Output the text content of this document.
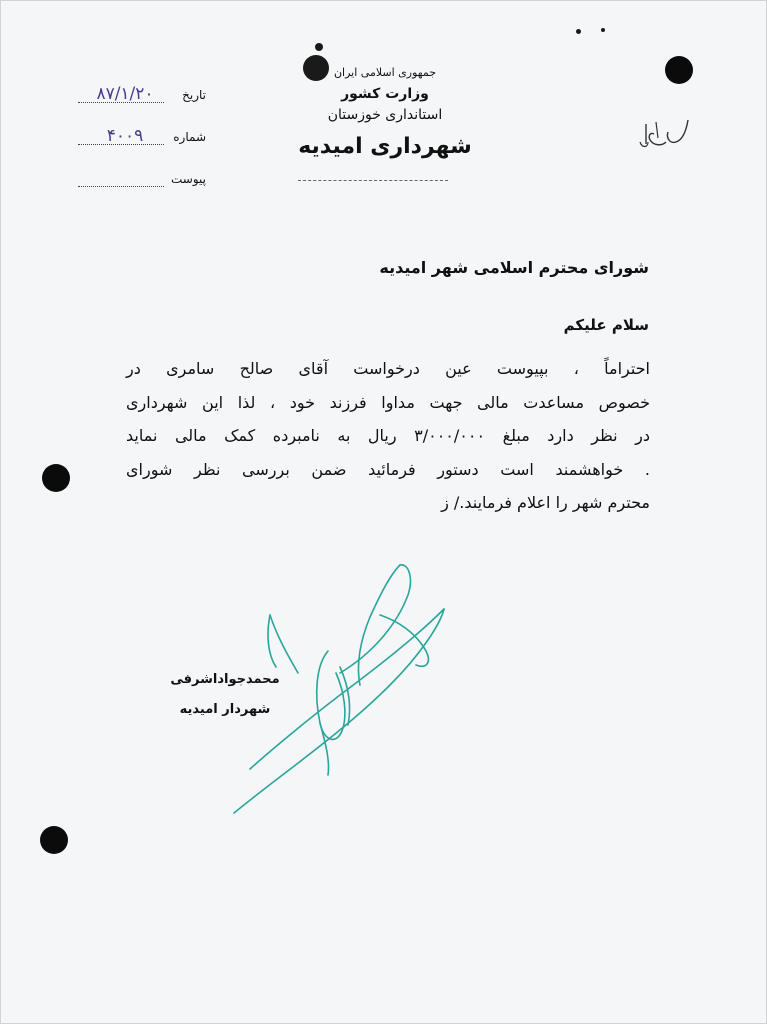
جمهوری اسلامی ایران
وزارت کشور
استانداری خوزستان
شهرداری امیدیه
تاریخ
۸۷/۱/۲۰
شماره
۴۰۰۹
پیوست
شورای محترم اسلامی شهر امیدیه
سلام علیکم
احتراماً ، بپیوست عین درخواست آقای صالح سامری در
خصوص مساعدت مالی جهت مداوا فرزند خود ، لذا این شهرداری
در نظر دارد مبلغ ۳/۰۰۰/۰۰۰ ریال به نامبرده کمک مالی نماید
. خواهشمند است دستور فرمائید ضمن بررسی نظر شورای
محترم شهر را اعلام فرمایند./ ز
محمدجواداشرفی
شهردار امیدیه
